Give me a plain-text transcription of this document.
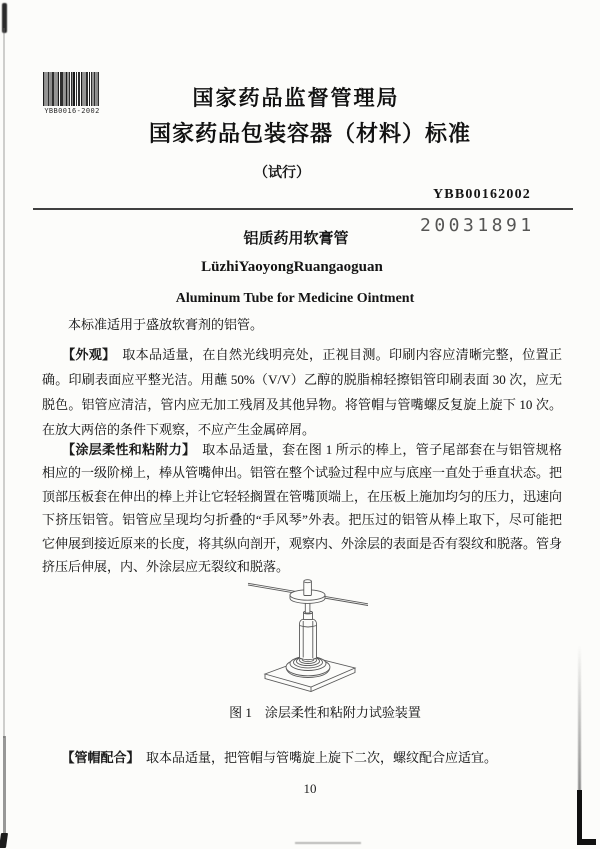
YBB0016-2002
国家药品监督管理局
国家药品包装容器（材料）标准
（试行）
YBB00162002
20031891
铝质药用软膏管
LüzhiYaoyongRuangaoguan
Aluminum Tube for Medicine Ointment
　　本标准适用于盛放软膏剂的铝管。
　　【外观】　取本品适量，在自然光线明亮处，正视目测。印刷内容应清晰完整，位置正
确。印刷表面应平整光洁。用蘸 50%（V/V）乙醇的脱脂棉轻擦铝管印刷表面 30 次，应无
脱色。铝管应清洁，管内应无加工残屑及其他异物。将管帽与管嘴螺反复旋上旋下 10 次。
在放大两倍的条件下观察，不应产生金属碎屑。
　　【涂层柔性和粘附力】　取本品适量，套在图 1 所示的棒上，管子尾部套在与铝管规格
相应的一级阶梯上，棒从管嘴伸出。铝管在整个试验过程中应与底座一直处于垂直状态。把
顶部压板套在伸出的棒上并让它轻轻搁置在管嘴顶端上，在压板上施加均匀的压力，迅速向
下挤压铝管。铝管应呈现均匀折叠的“手风琴”外表。把压过的铝管从棒上取下，尽可能把
它伸展到接近原来的长度，将其纵向剖开，观察内、外涂层的表面是否有裂纹和脱落。管身
挤压后伸展，内、外涂层应无裂纹和脱落。
图 1　涂层柔性和粘附力试验装置
　　【管帽配合】　取本品适量，把管帽与管嘴旋上旋下二次，螺纹配合应适宜。
10
